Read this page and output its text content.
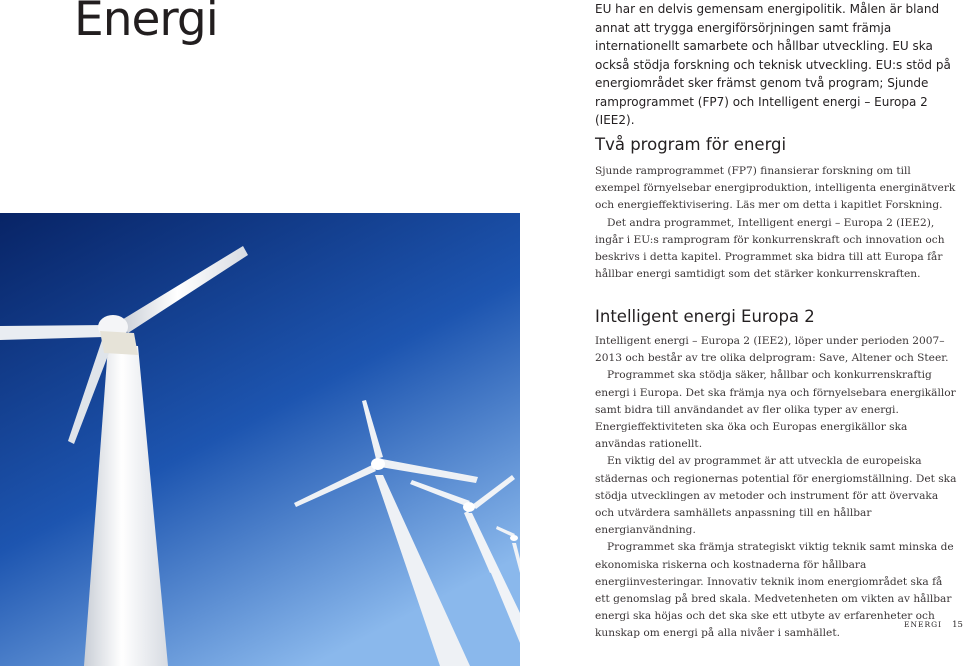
Energi	EU har en delvis gemensam energipolitik. Målen är bland annat att trygga energiförsörjningen samt främja internationellt samarbete och hållbar utveckling. EU ska också stödja forskning och teknisk utveckling. EU:s stöd på energiområdet sker främst genom två program; Sjunde ramprogrammet (FP7) och Intelligent energi – Europa 2 (IEE2).

Två program för energi

Sjunde ramprogrammet (FP7) finansierar forskning om till exempel förnyelsebar energiproduktion, intelligenta energinätverk och energieffektivisering. Läs mer om detta i kapitlet Forskning.

Det andra programmet, Intelligent energi – Europa 2 (IEE2), ingår i EU:s ramprogram för konkurrenskraft och innovation och beskrivs i detta kapitel. Programmet ska bidra till att Europa får hållbar energi samtidigt som det stärker konkurrenskraften.

Intelligent energi Europa 2

Intelligent energi – Europa 2 (IEE2), löper under perioden 2007–2013 och består av tre olika delprogram: Save, Altener och Steer.

Programmet ska stödja säker, hållbar och konkurrenskraftig energi i Europa. Det ska främja nya och förnyelsebara energikällor samt bidra till användandet av fler olika typer av energi. Energieffektiviteten ska öka och Europas energikällor ska användas rationellt.

En viktig del av programmet är att utveckla de europeiska städernas och regionernas potential för energiomställning. Det ska stödja utvecklingen av metoder och instrument för att övervaka och utvärdera samhällets anpassning till en hållbar energianvändning.

Programmet ska främja strategiskt viktig teknik samt minska de ekonomiska riskerna och kostnaderna för hållbara energiinvesteringar. Innovativ teknik inom energiområdet ska få ett genomslag på bred skala. Medvetenheten om vikten av hållbar energi ska höjas och det ska ske ett utbyte av erfarenheter och kunskap om energi på alla nivåer i samhället.

ENERGI 15
